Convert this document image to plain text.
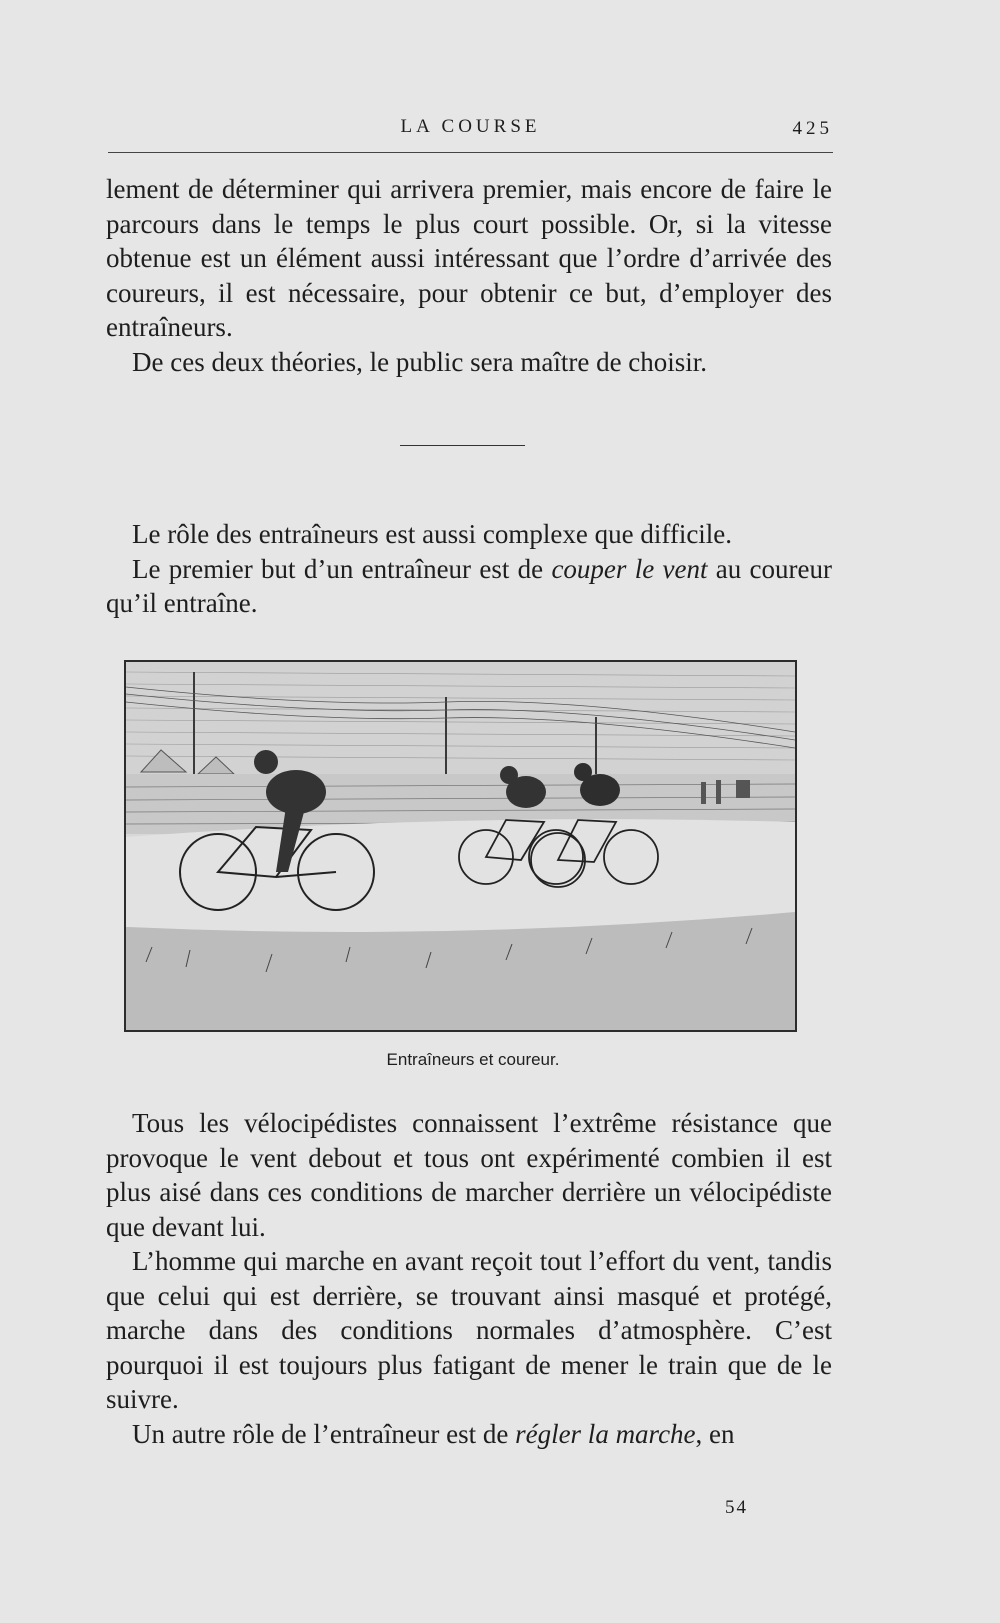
LA COURSE	425

lement de déterminer qui arrivera premier, mais encore de faire le parcours dans le temps le plus court possible. Or, si la vitesse obtenue est un élément aussi intéressant que l’ordre d’arrivée des coureurs, il est nécessaire, pour obtenir ce but, d’employer des entraîneurs.

De ces deux théories, le public sera maître de choisir.

Le rôle des entraîneurs est aussi complexe que difficile.

Le premier but d’un entraîneur est de couper le vent au coureur qu’il entraîne.

Entraîneurs et coureur.

Tous les vélocipédistes connaissent l’extrême résistance que provoque le vent debout et tous ont expérimenté combien il est plus aisé dans ces conditions de marcher derrière un vélocipédiste que devant lui.

L’homme qui marche en avant reçoit tout l’effort du vent, tandis que celui qui est derrière, se trouvant ainsi masqué et protégé, marche dans des conditions normales d’atmosphère. C’est pourquoi il est toujours plus fatigant de mener le train que de le suivre.

Un autre rôle de l’entraîneur est de régler la marche, en

54
